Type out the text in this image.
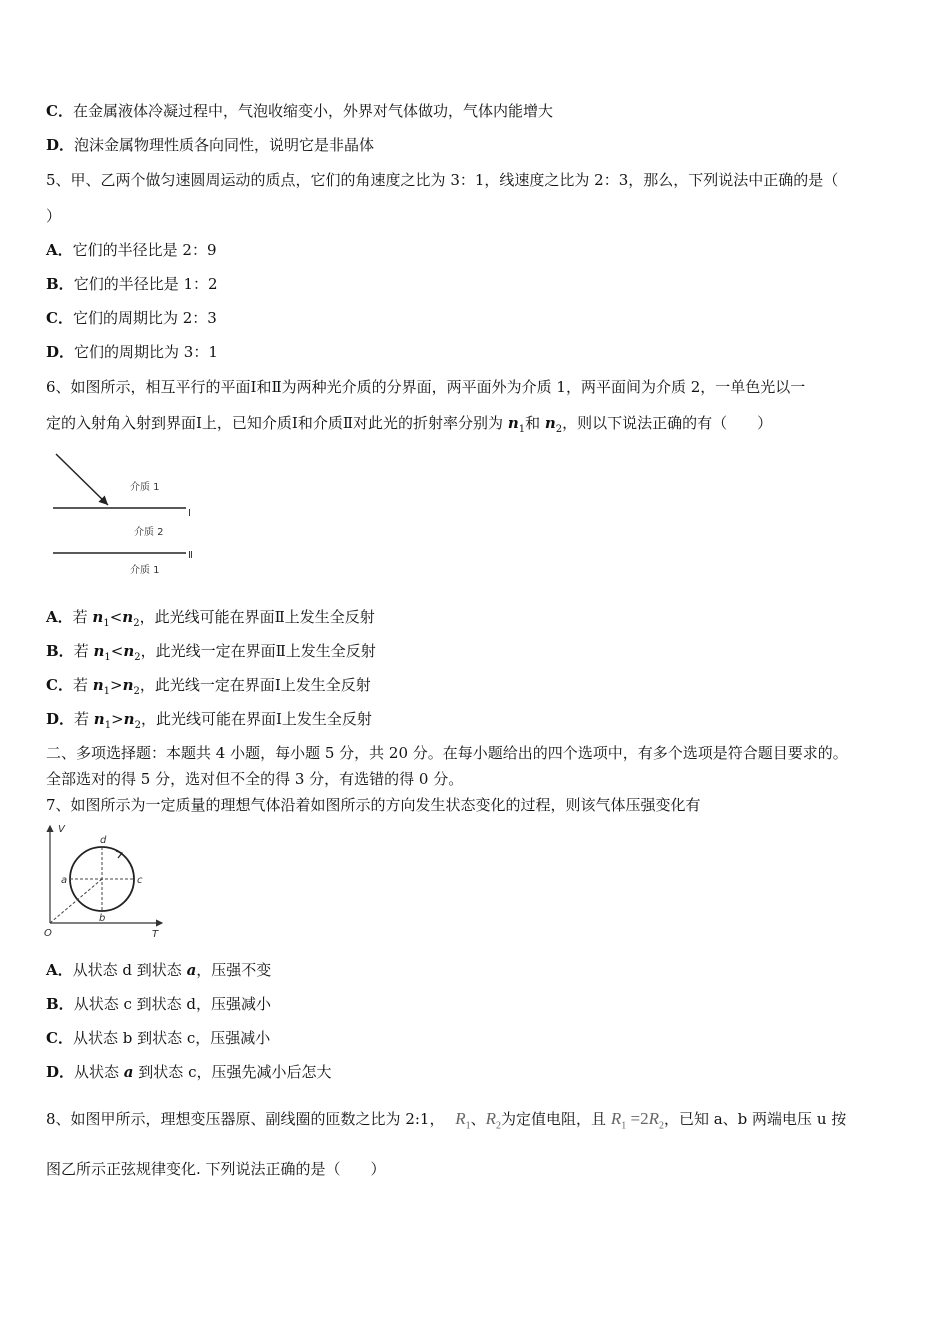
C．在金属液体冷凝过程中，气泡收缩变小，外界对气体做功，气体内能增大
D．泡沫金属物理性质各向同性，说明它是非晶体
5、甲、乙两个做匀速圆周运动的质点，它们的角速度之比为 3：1，线速度之比为 2：3，那么，下列说法中正确的是（
）
A．它们的半径比是 2：9
B．它们的半径比是 1：2
C．它们的周期比为 2：3
D．它们的周期比为 3：1
6、如图所示，相互平行的平面Ⅰ和Ⅱ为两种光介质的分界面，两平面外为介质 1，两平面间为介质 2，一单色光以一
定的入射角入射到界面Ⅰ上，已知介质Ⅰ和介质Ⅱ对此光的折射率分别为 $n_1$和 $n_2$，则以下说法正确的有（　　）
介质 1
介质 2
介质 1
Ⅰ
Ⅱ
A．若 $n_1<n_2$，此光线可能在界面Ⅱ上发生全反射
B．若 $n_1<n_2$，此光线一定在界面Ⅱ上发生全反射
C．若 $n_1>n_2$，此光线一定在界面Ⅰ上发生全反射
D．若 $n_1>n_2$，此光线可能在界面Ⅰ上发生全反射
二、多项选择题：本题共 4 小题，每小题 5 分，共 20 分。在每小题给出的四个选项中，有多个选项是符合题目要求的。
全部选对的得 5 分，选对但不全的得 3 分，有选错的得 0 分。
7、如图所示为一定质量的理想气体沿着如图所示的方向发生状态变化的过程，则该气体压强变化有
V
T
O
a
b
c
d
A．从状态 d 到状态 a，压强不变
B．从状态 c 到状态 d，压强减小
C．从状态 b 到状态 c，压强减小
D．从状态 a 到状态 c，压强先减小后怎大
8、如图甲所示，理想变压器原、副线圈的匝数之比为 2:1， $R_1$、$R_2$为定值电阻，且 $R_1 =2R_2$，已知 a、b 两端电压 u 按
图乙所示正弦规律变化. 下列说法正确的是（　　）
